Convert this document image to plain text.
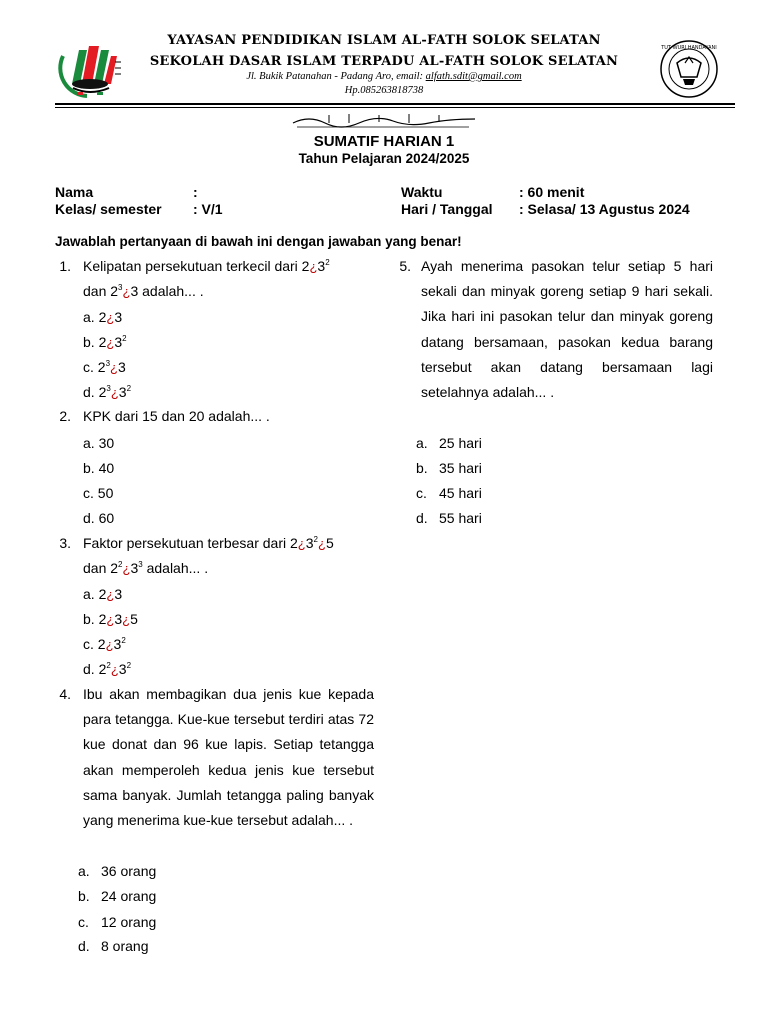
TUT WURI HANDAYANI
YAYASAN PENDIDIKAN ISLAM AL-FATH SOLOK SELATAN
SEKOLAH DASAR ISLAM TERPADU AL-FATH SOLOK SELATAN
Jl. Bukik Patanahan - Padang Aro, email: alfath.sdit@gmail.com
Hp.085263818738
SUMATIF HARIAN 1
Tahun Pelajaran 2024/2025
Nama	:
Kelas/ semester : V/1
Waktu	: 60 menit
Hari / Tanggal : Selasa/ 13 Agustus 2024
Jawablah pertanyaan di bawah ini dengan jawaban yang benar!
1. Kelipatan persekutuan terkecil dari $2¿3^2$
dan $2^3¿3$ adalah... .
a. 2¿3
b. $2¿3^2$
c. $2^3¿3$
d. $2^3¿3^2$
2. KPK dari 15 dan 20 adalah... .
a. 30
b. 40
c. 50
d. 60
3. Faktor persekutuan terbesar dari $2¿3^2¿5$
dan $2^2¿3^3$ adalah... .
a. 2¿3
b. 2¿3¿5
c. $2¿3^2$
d. $2^2¿3^2$
4. Ibu akan membagikan dua jenis kue kepada para tetangga. Kue-kue tersebut terdiri atas 72 kue donat dan 96 kue lapis. Setiap tetangga akan memperoleh kedua jenis kue tersebut sama banyak. Jumlah tetangga paling banyak yang menerima kue-kue tersebut adalah... .
a. 36 orang
b. 24 orang
c. 12 orang
d. 8 orang
5. Ayah menerima pasokan telur setiap 5 hari sekali dan minyak goreng setiap 9 hari sekali. Jika hari ini pasokan telur dan minyak goreng datang bersamaan, pasokan kedua barang tersebut akan datang bersamaan lagi setelahnya adalah... .
a. 25 hari
b. 35 hari
c. 45 hari
d. 55 hari
